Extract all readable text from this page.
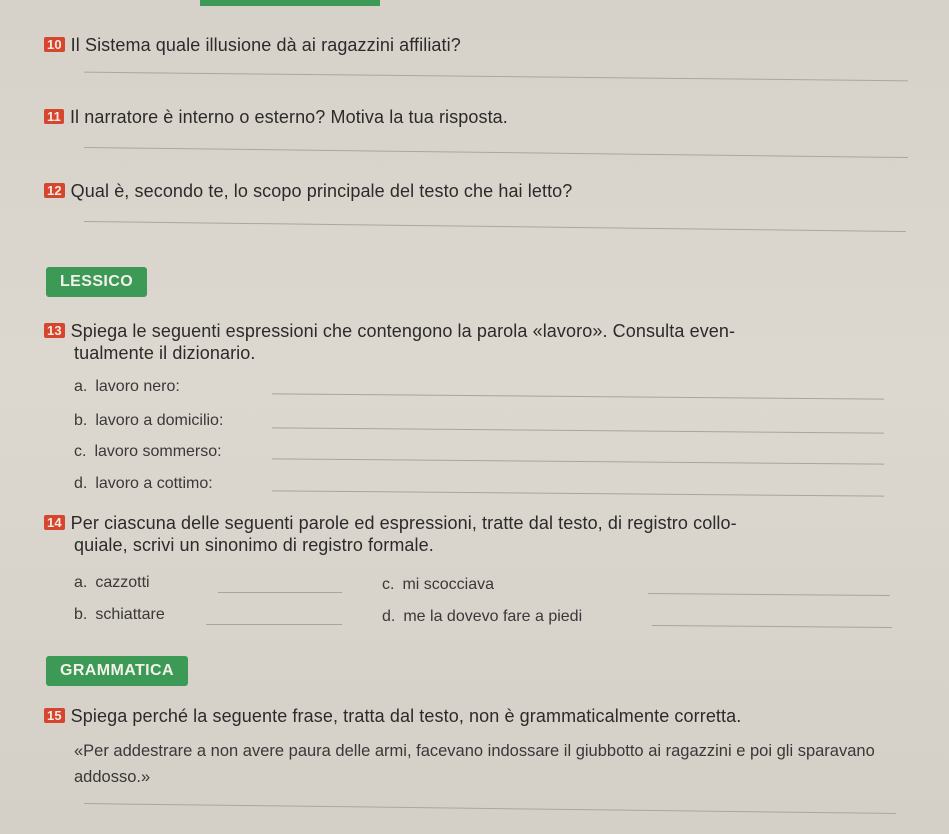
10 Il Sistema quale illusione dà ai ragazzini affiliati?
11 Il narratore è interno o esterno? Motiva la tua risposta.
12 Qual è, secondo te, lo scopo principale del testo che hai letto?
LESSICO
13 Spiega le seguenti espressioni che contengono la parola «lavoro». Consulta even-
tualmente il dizionario.
a. lavoro nero:
b. lavoro a domicilio:
c. lavoro sommerso:
d. lavoro a cottimo:
14 Per ciascuna delle seguenti parole ed espressioni, tratte dal testo, di registro collo-
quiale, scrivi un sinonimo di registro formale.
a. cazzotti	c. mi scocciava
b. schiattare	d. me la dovevo fare a piedi
GRAMMATICA
15 Spiega perché la seguente frase, tratta dal testo, non è grammaticalmente corretta.
«Per addestrare a non avere paura delle armi, facevano indossare il giubbotto ai ragazzini e poi gli sparavano addosso.»
